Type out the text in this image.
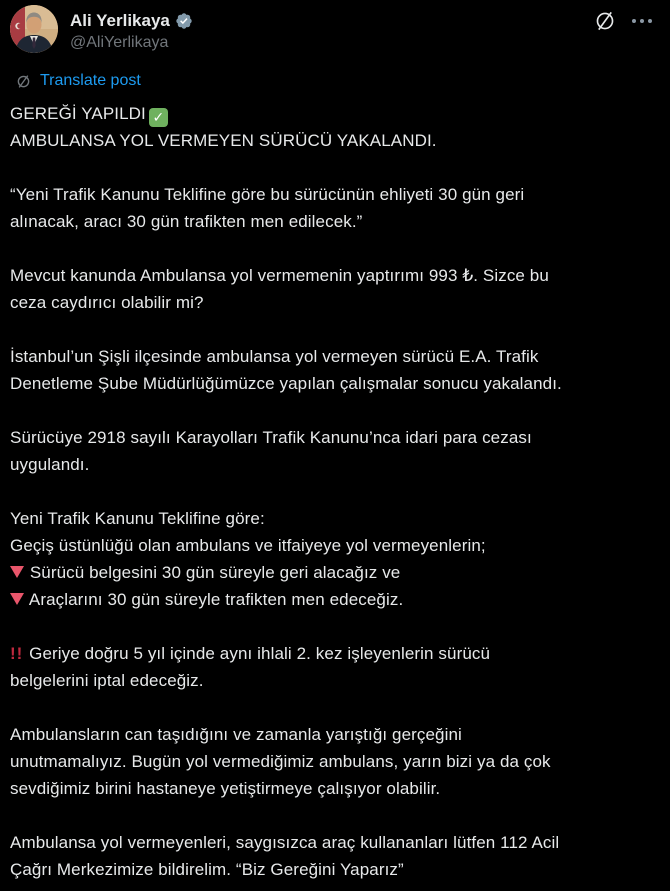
Ali Yerlikaya
@AliYerlikaya
Translate post

GEREĞİ YAPILDI ✓
AMBULANSA YOL VERMEYEN SÜRÜCÜ YAKALANDI.

“Yeni Trafik Kanunu Teklifine göre bu sürücünün ehliyeti 30 gün geri
alınacak, aracı 30 gün trafikten men edilecek.”

Mevcut kanunda Ambulansa yol vermemenin yaptırımı 993 ₺. Sizce bu
ceza caydırıcı olabilir mi?

İstanbul’un Şişli ilçesinde ambulansa yol vermeyen sürücü E.A. Trafik
Denetleme Şube Müdürlüğümüzce yapılan çalışmalar sonucu yakalandı.

Sürücüye 2918 sayılı Karayolları Trafik Kanunu’nca idari para cezası
uygulandı.

Yeni Trafik Kanunu Teklifine göre:
Geçiş üstünlüğü olan ambulans ve itfaiyeye yol vermeyenlerin;
Sürücü belgesini 30 gün süreyle geri alacağız ve
Araçlarını 30 gün süreyle trafikten men edeceğiz.

!! Geriye doğru 5 yıl içinde aynı ihlali 2. kez işleyenlerin sürücü
belgelerini iptal edeceğiz.

Ambulansların can taşıdığını ve zamanla yarıştığı gerçeğini
unutmamalıyız. Bugün yol vermediğimiz ambulans, yarın bizi ya da çok
sevdiğimiz birini hastaneye yetiştirmeye çalışıyor olabilir.

Ambulansa yol vermeyenleri, saygısızca araç kullananları lütfen 112 Acil
Çağrı Merkezimize bildirelim. “Biz Gereğini Yaparız”
